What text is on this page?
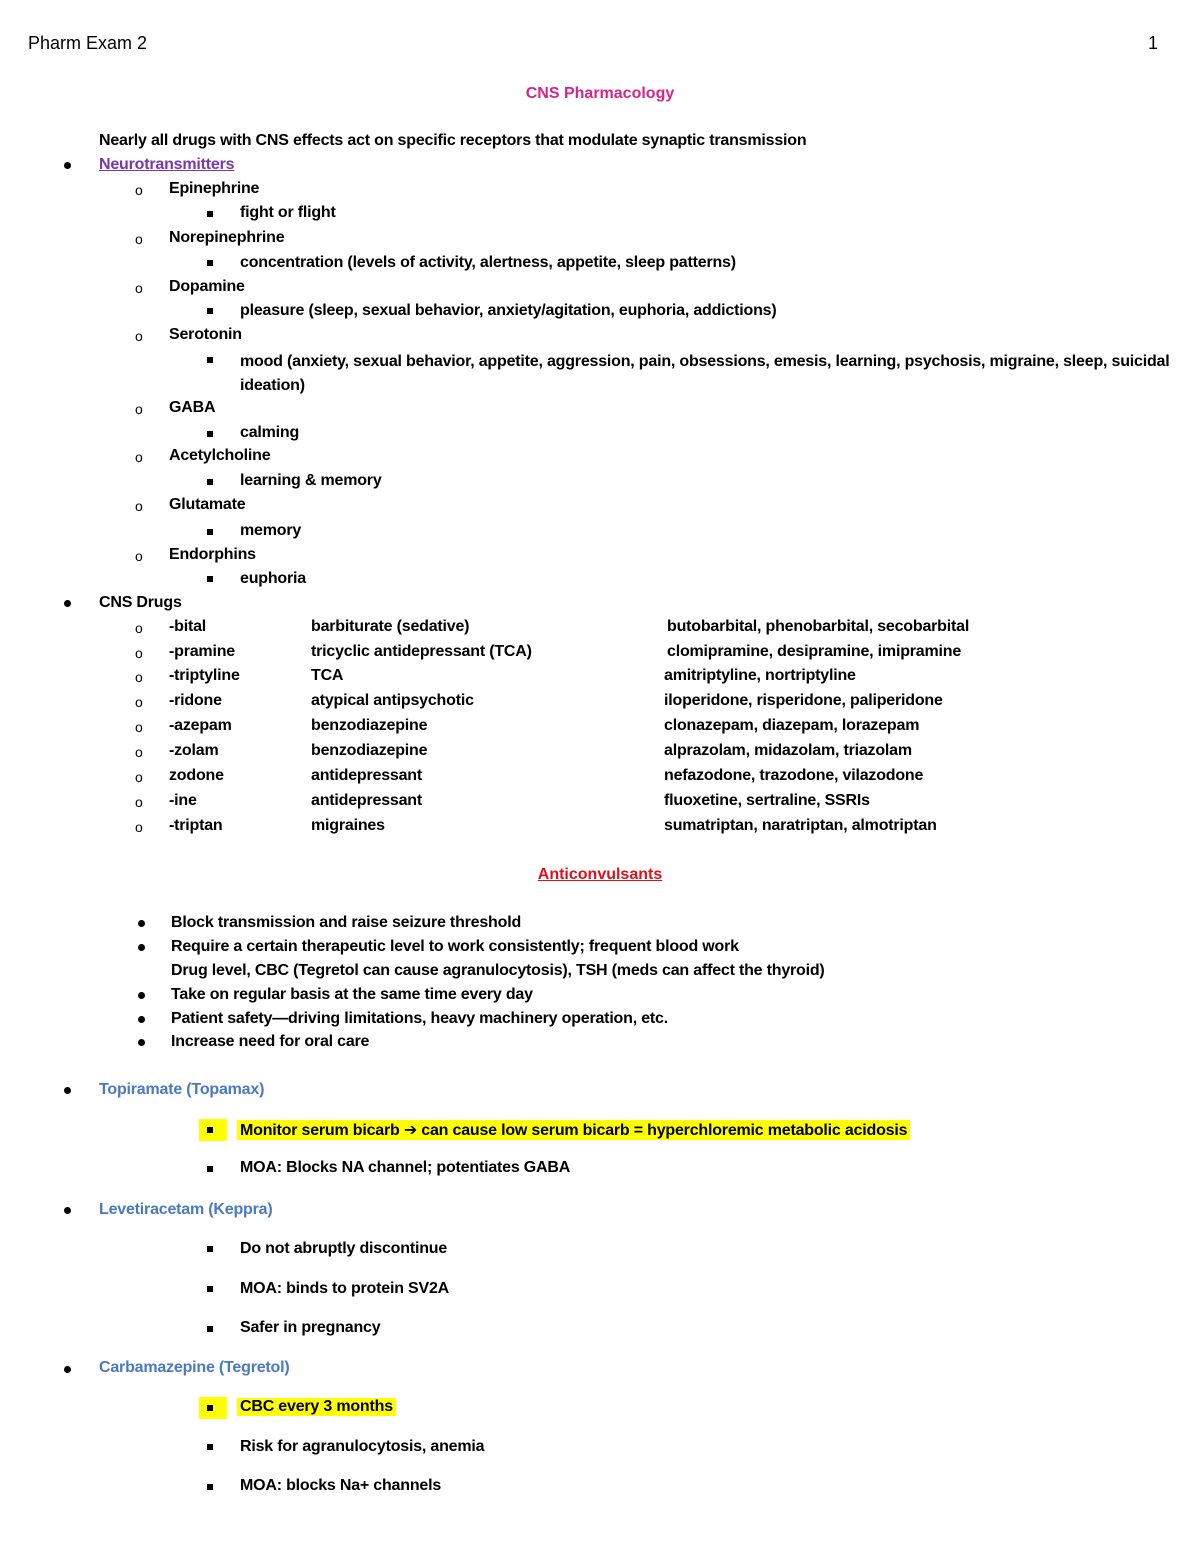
Pharm Exam 2	1
CNS Pharmacology
Nearly all drugs with CNS effects act on specific receptors that modulate synaptic transmission
Neurotransmitters
o Epinephrine
fight or flight
o Norepinephrine
concentration (levels of activity, alertness, appetite, sleep patterns)
o Dopamine
pleasure (sleep, sexual behavior, anxiety/agitation, euphoria, addictions)
o Serotonin
mood (anxiety, sexual behavior, appetite, aggression, pain, obsessions, emesis, learning, psychosis, migraine, sleep, suicidal ideation)
o GABA
calming
o Acetylcholine
learning & memory
o Glutamate
memory
o Endorphins
euphoria
CNS Drugs
o -bital	barbiturate (sedative)	butobarbital, phenobarbital, secobarbital
o -pramine	tricyclic antidepressant (TCA)	clomipramine, desipramine, imipramine
o -triptyline	TCA	amitriptyline, nortriptyline
o -ridone	atypical antipsychotic	iloperidone, risperidone, paliperidone
o -azepam	benzodiazepine	clonazepam, diazepam, lorazepam
o -zolam	benzodiazepine	alprazolam, midazolam, triazolam
o zodone	antidepressant	nefazodone, trazodone, vilazodone
o -ine	antidepressant	fluoxetine, sertraline, SSRIs
o -triptan	migraines	sumatriptan, naratriptan, almotriptan
Anticonvulsants
Block transmission and raise seizure threshold
Require a certain therapeutic level to work consistently; frequent blood work
Drug level, CBC (Tegretol can cause agranulocytosis), TSH (meds can affect the thyroid)
Take on regular basis at the same time every day
Patient safety—driving limitations, heavy machinery operation, etc.
Increase need for oral care
Topiramate (Topamax)
Monitor serum bicarb ➔ can cause low serum bicarb = hyperchloremic metabolic acidosis
MOA: Blocks NA channel; potentiates GABA
Levetiracetam (Keppra)
Do not abruptly discontinue
MOA: binds to protein SV2A
Safer in pregnancy
Carbamazepine (Tegretol)
CBC every 3 months
Risk for agranulocytosis, anemia
MOA: blocks Na+ channels
